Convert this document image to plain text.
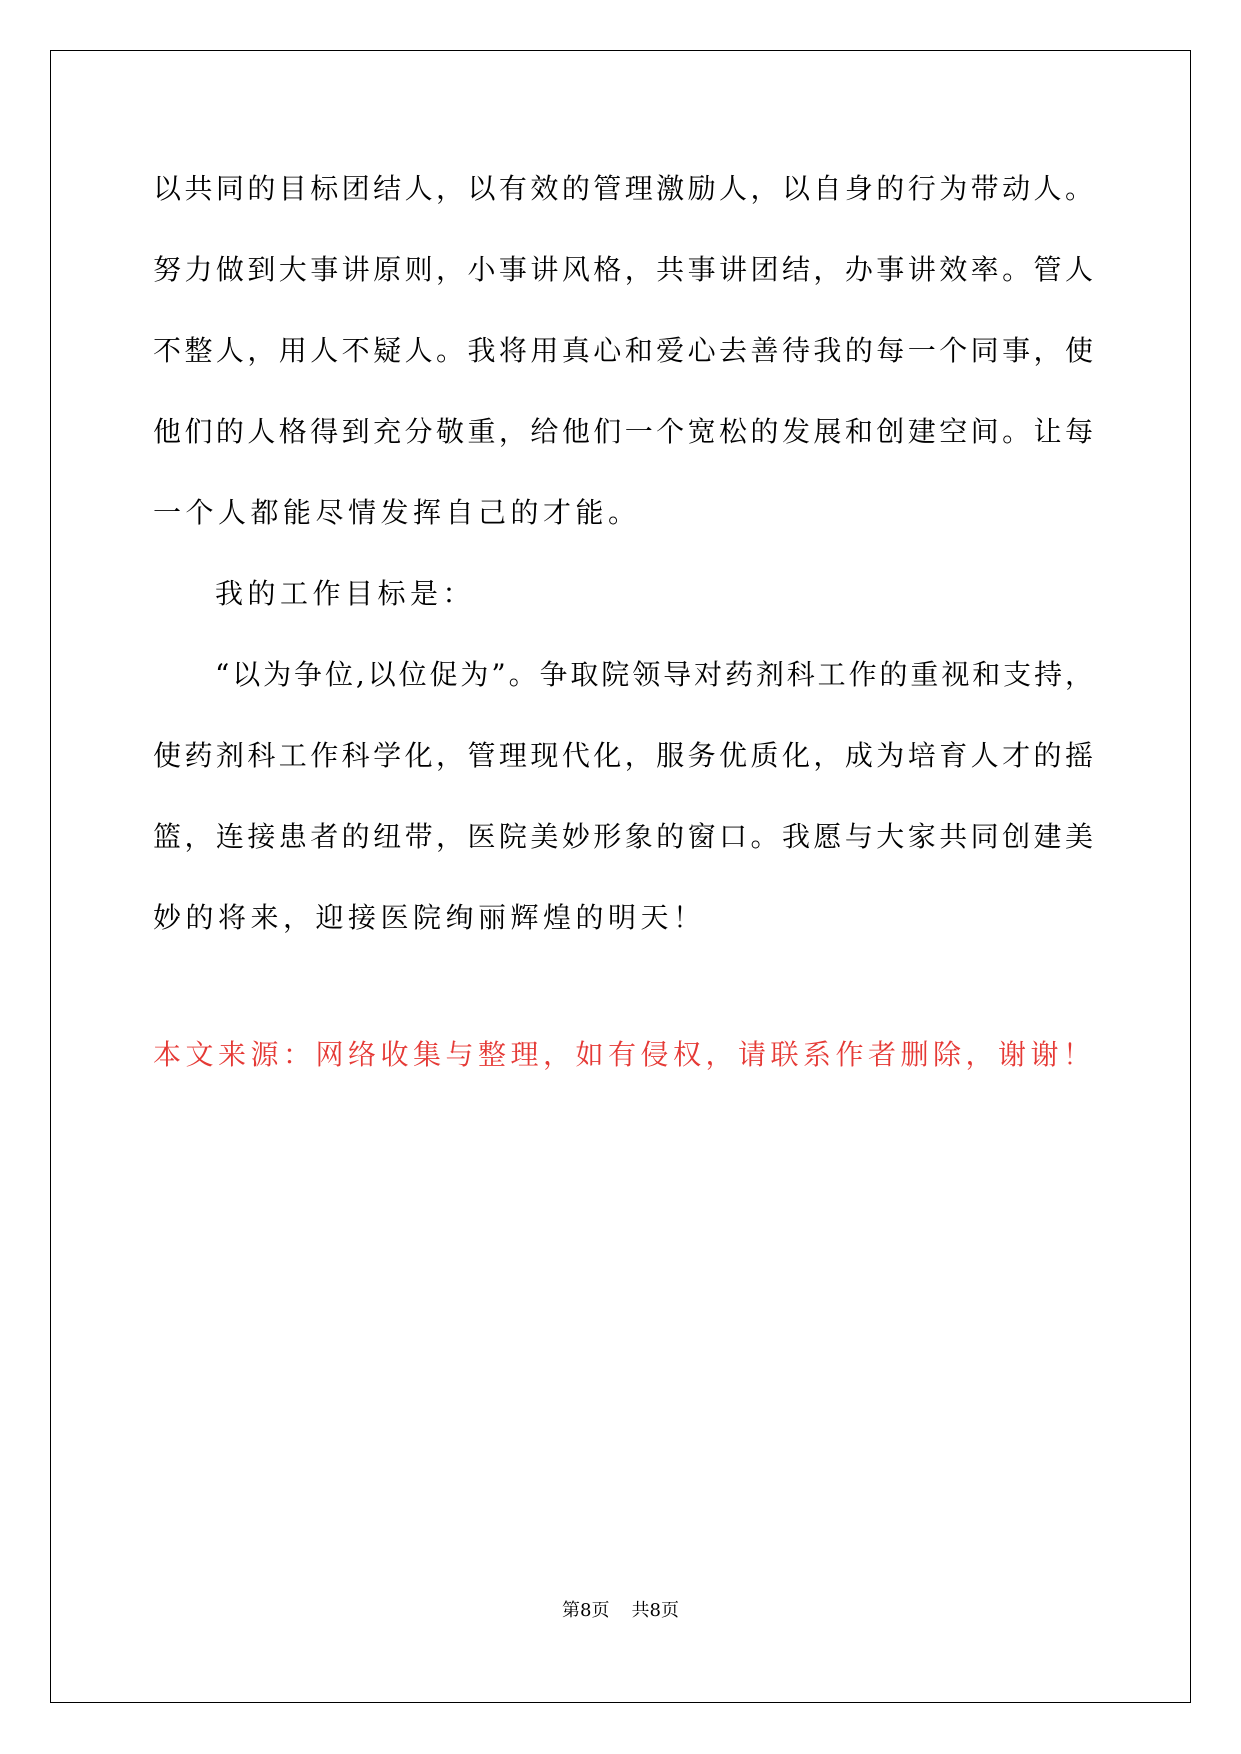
以共同的目标团结人，以有效的管理激励人，以自身的行为带动人。
努力做到大事讲原则，小事讲风格，共事讲团结，办事讲效率。管人
不整人，用人不疑人。我将用真心和爱心去善待我的每一个同事，使
他们的人格得到充分敬重，给他们一个宽松的发展和创建空间。让每
一个人都能尽情发挥自己的才能。
我的工作目标是：
“以为争位,以位促为”。争取院领导对药剂科工作的重视和支持，
使药剂科工作科学化，管理现代化，服务优质化，成为培育人才的摇
篮，连接患者的纽带，医院美妙形象的窗口。我愿与大家共同创建美
妙的将来，迎接医院绚丽辉煌的明天！
本文来源：网络收集与整理，如有侵权，请联系作者删除，谢谢！
第8页 共8页
